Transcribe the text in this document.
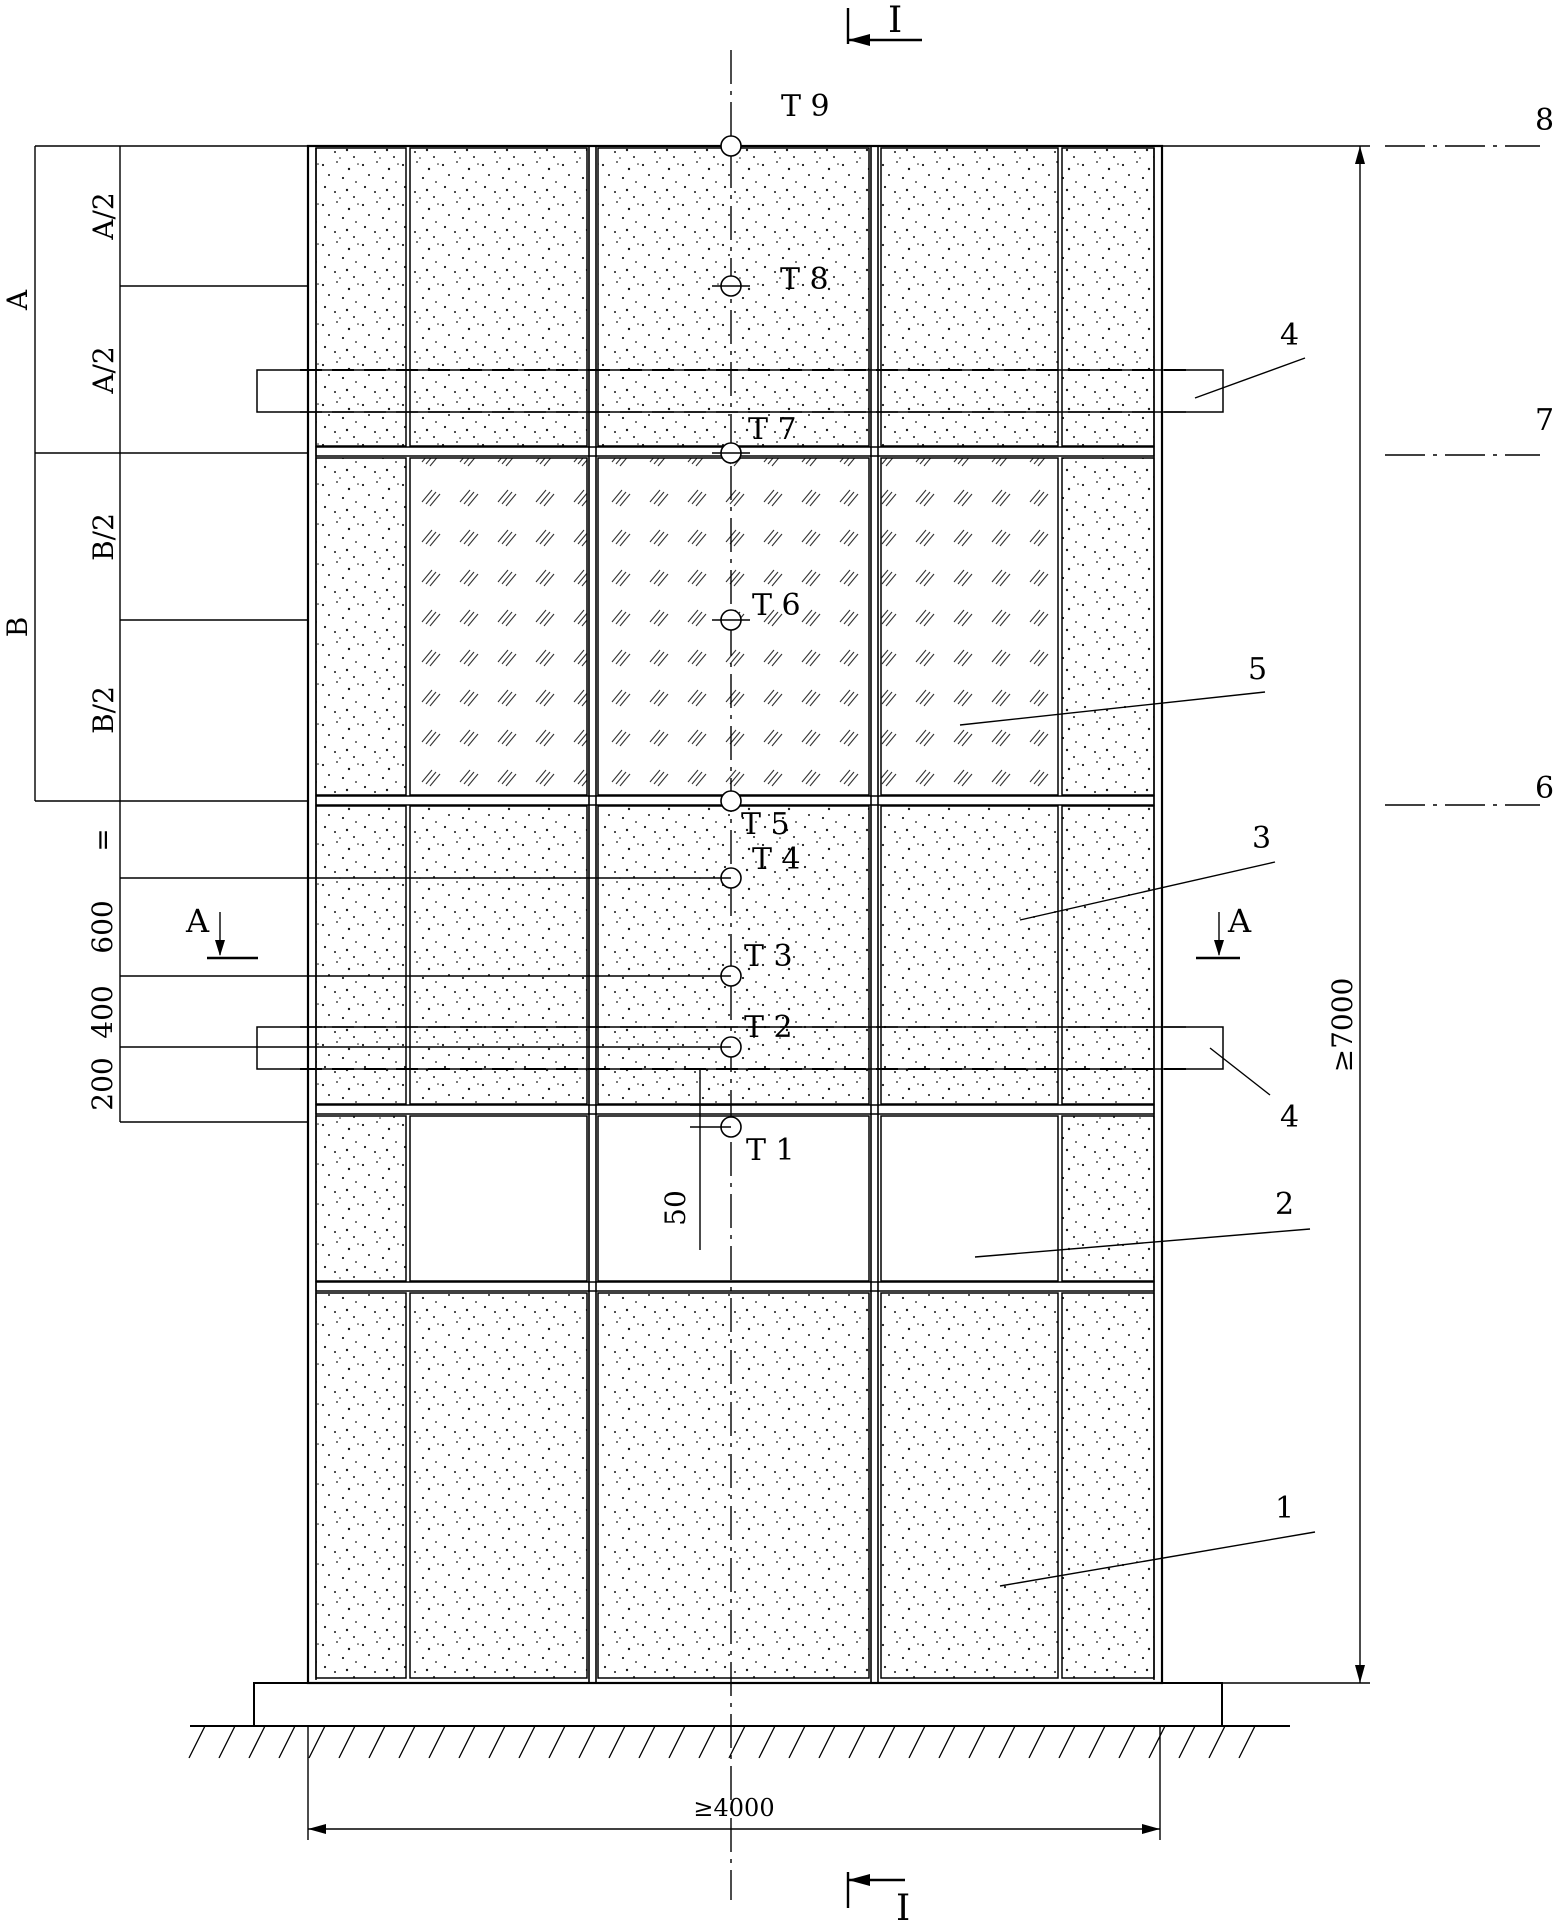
I
I
T 9
T 8
T 7
T 6
T 5
T 4
T 3
T 2
T 1
A
A/2
A/2
B
B/2
B/2
=
600
400
200
50
A	A
≥7000
≥4000
1
2
3
4
4
5
6
7
8
